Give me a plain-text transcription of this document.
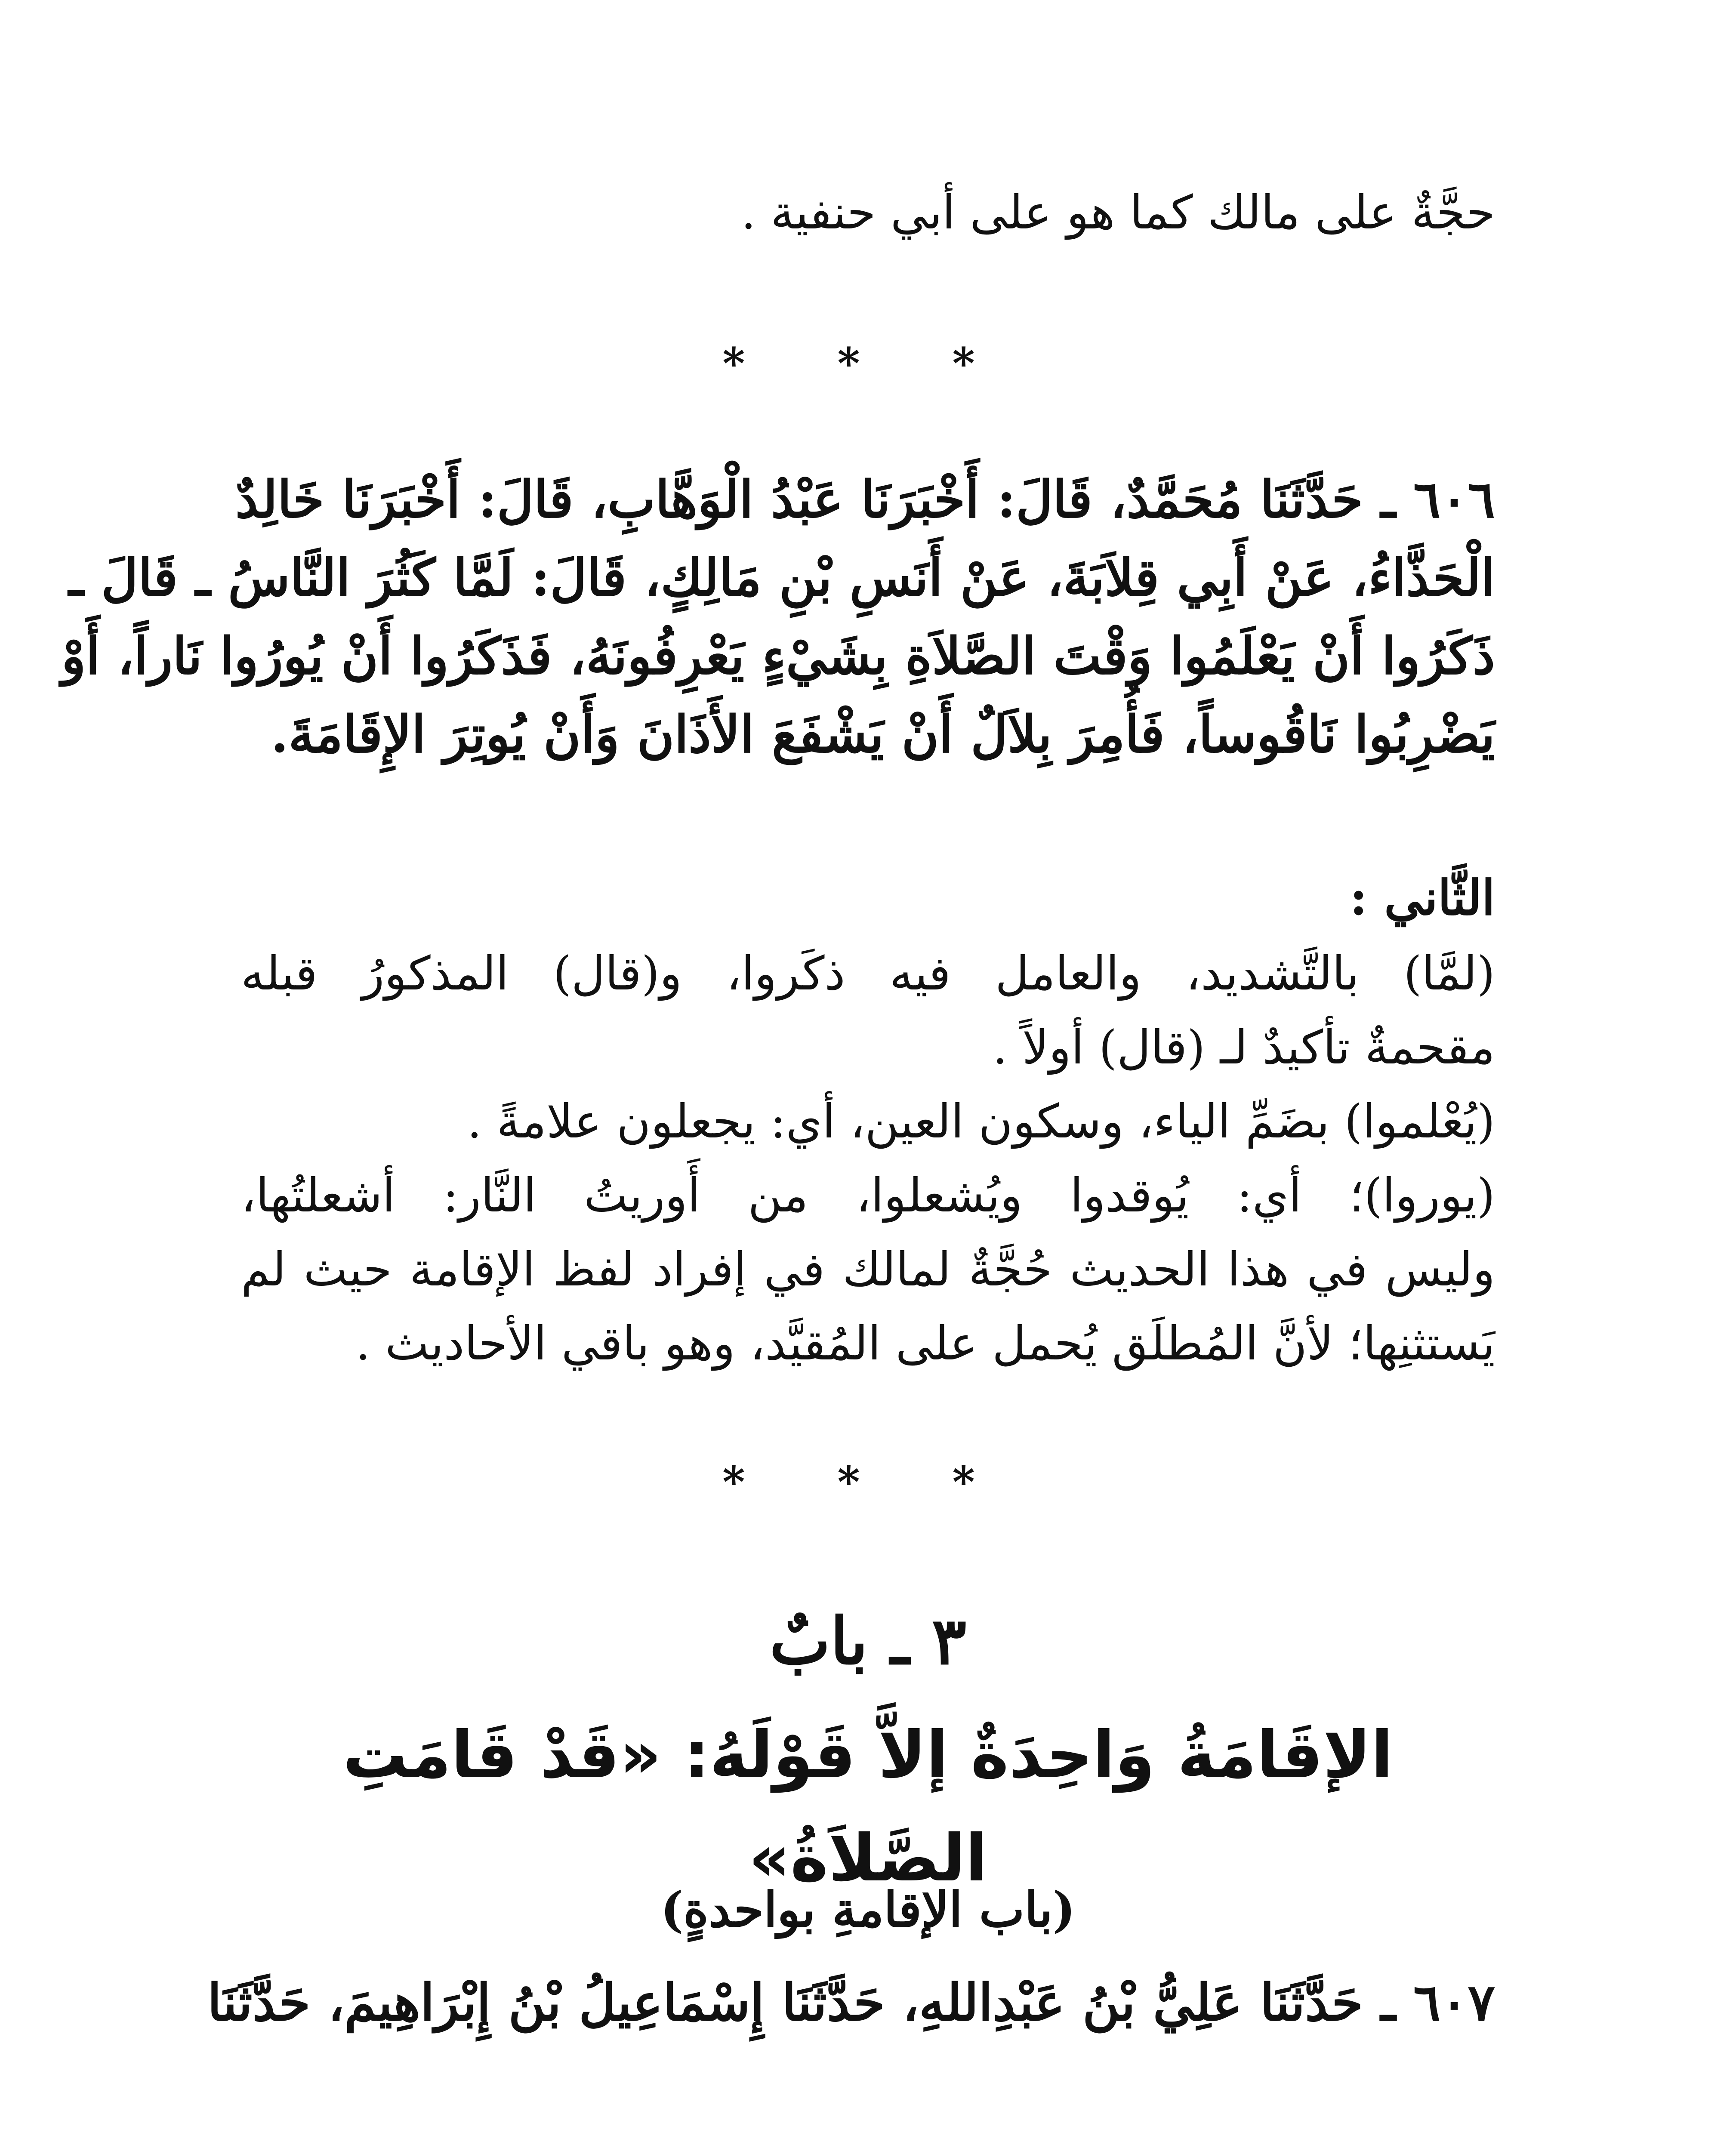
حجَّةٌ على مالك كما هو على أبي حنفية .
* * *
٦٠٦ ـ حَدَّثَنَا مُحَمَّدٌ، قَالَ: أَخْبَرَنَا عَبْدُ الْوَهَّابِ، قَالَ: أَخْبَرَنَا خَالِدٌ
الْحَذَّاءُ، عَنْ أَبِي قِلاَبَةَ، عَنْ أَنَسِ بْنِ مَالِكٍ، قَالَ: لَمَّا كَثُرَ النَّاسُ ـ قَالَ ـ
ذَكَرُوا أَنْ يَعْلَمُوا وَقْتَ الصَّلاَةِ بِشَيْءٍ يَعْرِفُونَهُ، فَذَكَرُوا أَنْ يُورُوا نَاراً، أَوْ
يَضْرِبُوا نَاقُوساً، فَأُمِرَ بِلاَلٌ أَنْ يَشْفَعَ الأَذَانَ وَأَنْ يُوتِرَ الإِقَامَةَ.
الثَّاني :
(لمَّا) بالتَّشديد، والعامل فيه ذكَروا، و(قال) المذكورُ قبله
مقحمةٌ تأكيدٌ لـ (قال) أولاً .
(يُعْلموا) بضَمِّ الياء، وسكون العين، أي: يجعلون علامةً .
(يوروا)؛ أي: يُوقدوا ويُشعلوا، من أَوريتُ النَّار: أشعلتُها،
وليس في هذا الحديث حُجَّةٌ لمالك في إفراد لفظ الإقامة حيث لم
يَستثنِها؛ لأنَّ المُطلَق يُحمل على المُقيَّد، وهو باقي الأحاديث .
* * *
٣ ـ بابٌ
الإقَامَةُ وَاحِدَةٌ إلاَّ قَوْلَهُ: «قَدْ قَامَتِ الصَّلاَةُ»
(باب الإقامةِ بواحدةٍ)
٦٠٧ ـ حَدَّثَنَا عَلِيُّ بْنُ عَبْدِاللهِ، حَدَّثَنَا إِسْمَاعِيلُ بْنُ إِبْرَاهِيمَ، حَدَّثَنَا
